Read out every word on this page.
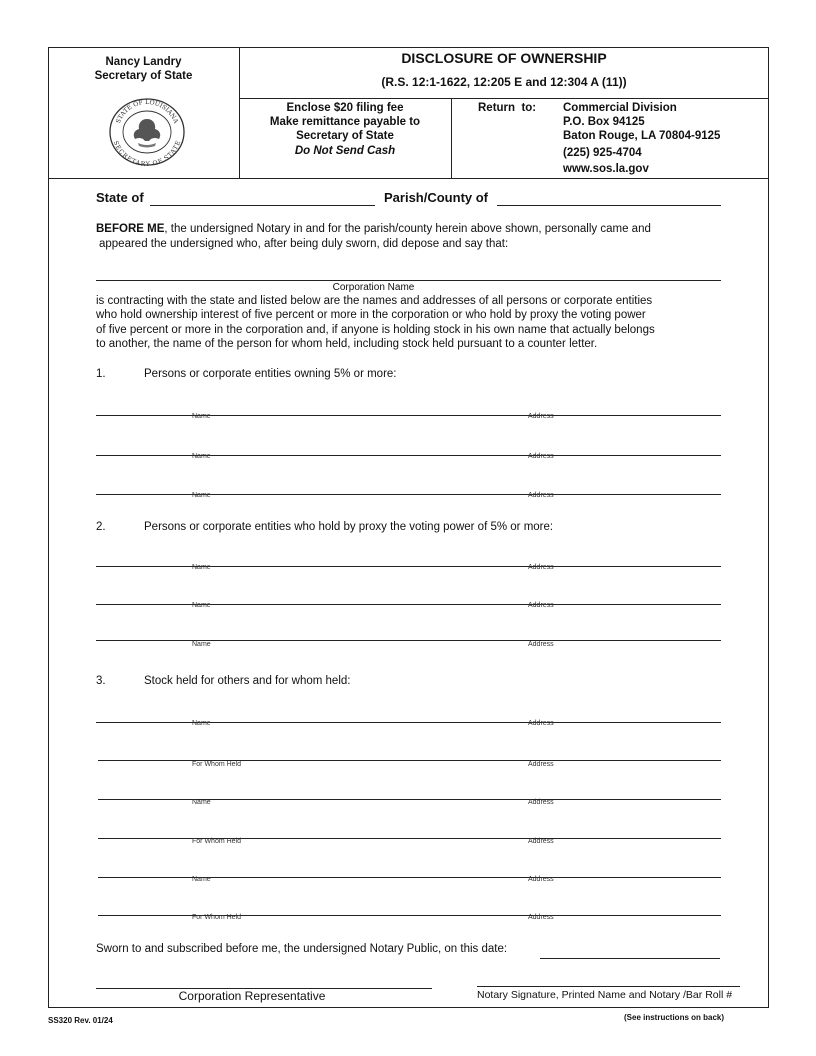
Nancy Landry
Secretary of State
STATE OF LOUISIANA
SECRETARY OF STATE
DISCLOSURE OF OWNERSHIP
(R.S. 12:1-1622, 12:205 E and 12:304 A (11))
Enclose $20 filing fee
Make remittance payable to
Secretary of State
Do Not Send Cash
Return  to: Commercial Division
P.O. Box 94125
Baton Rouge, LA 70804-9125
(225) 925-4704
www.sos.la.gov
State of	Parish/County of
BEFORE ME, the undersigned Notary in and for the parish/county herein above shown, personally came and
appeared the undersigned who, after being duly sworn, did depose and say that:
Corporation Name
is contracting with the state and listed below are the names and addresses of all persons or corporate entities
who hold ownership interest of five percent or more in the corporation or who hold by proxy the voting power
of five percent or more in the corporation and, if anyone is holding stock in his own name that actually belongs
to another, the name of the person for whom held, including stock held pursuant to a counter letter.
1.	Persons or corporate entities owning 5% or more:
Name	Address
Name	Address
Name	Address
2.	Persons or corporate entities who hold by proxy the voting power of 5% or more:
Name	Address
Name	Address
Name	Address
3.	Stock held for others and for whom held:
Name	Address
For Whom Held	Address
Name	Address
For Whom Held	Address
Name	Address
For Whom Held	Address
Sworn to and subscribed before me, the undersigned Notary Public, on this date:
Corporation Representative	Notary Signature, Printed Name and Notary /Bar Roll #
SS320 Rev. 01/24	(See instructions on back)
